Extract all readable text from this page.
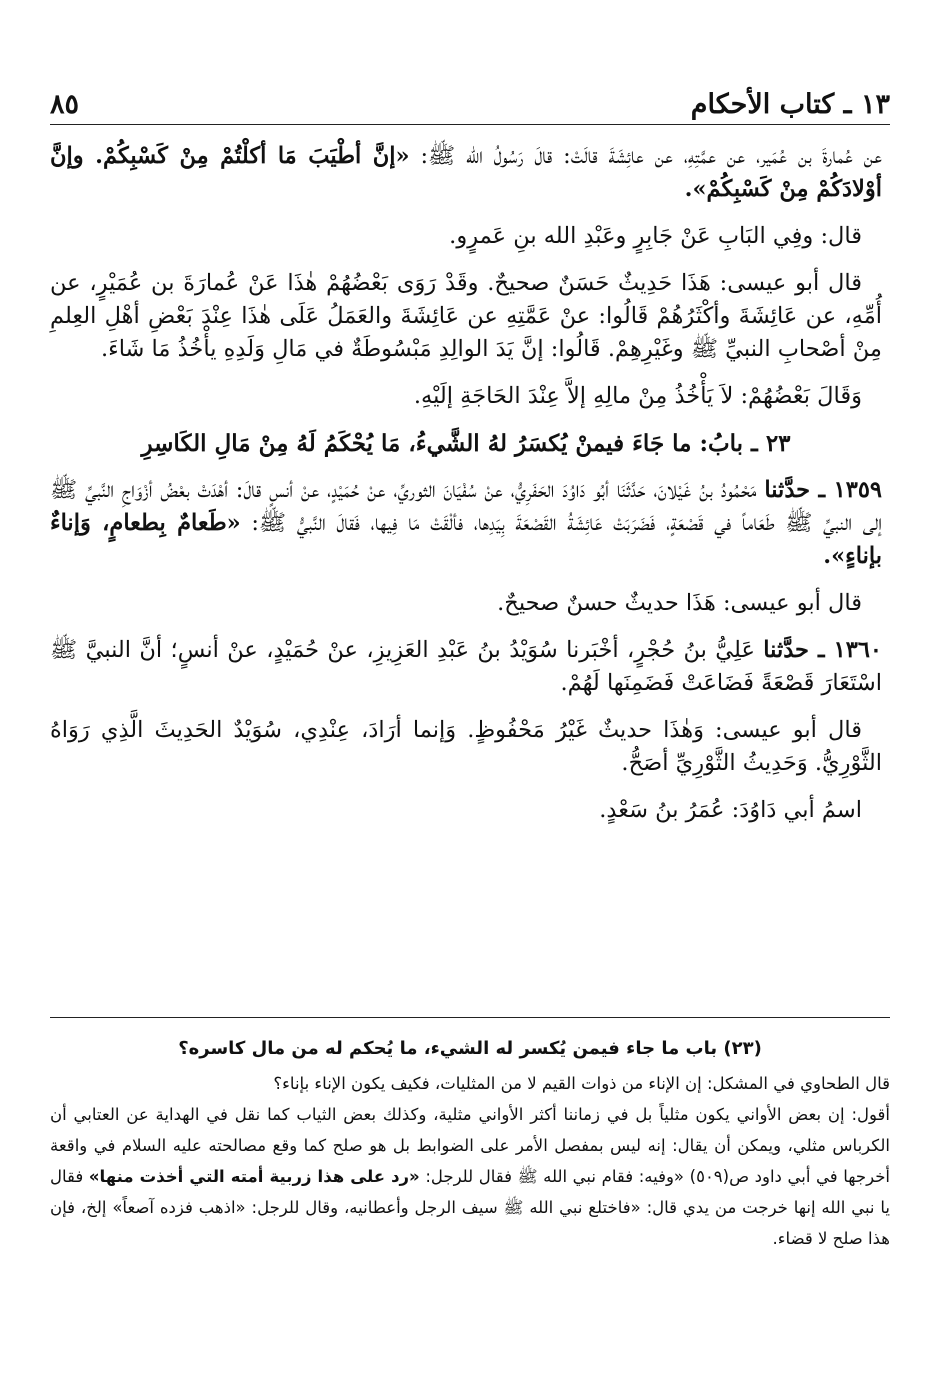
١٣ ـ كتاب الأحكام
٨٥

عن عُمارةَ بن عُمَير، عن عمَّتِهِ، عن عائِشَةَ قالَتْ: قالَ رَسُولُ الله ﷺ: «إنَّ أطْيَبَ مَا أكلْتُمْ مِنْ كَسْبِكُمْ. وإنَّ أوْلادَكُمْ مِنْ كَسْبِكُمْ».

قال: وفِي البَابِ عَنْ جَابِرٍ وعَبْدِ الله بنِ عَمرٍو.

قال أبو عيسى: هَذَا حَدِيثٌ حَسَنٌ صحيحٌ. وقَدْ رَوَى بَعْضُهُمْ هٰذَا عَنْ عُمارَةَ بن عُمَيْرٍ، عن أُمِّهِ، عن عَائِشَةَ وأكْثَرُهُمْ قَالُوا: عنْ عَمَّتِهِ عن عَائِشَةَ والعَمَلُ عَلَى هٰذَا عِنْدَ بَعْضِ أهْلِ العِلمِ مِنْ أصْحابِ النبيِّ ﷺ وغَيْرِهِمْ. قَالُوا: إنَّ يَدَ الوالِدِ مَبْسُوطَةٌ في مَالِ وَلَدِهِ يأْخُذُ مَا شَاءَ.

وَقَالَ بَعْضُهُمْ: لاَ يَأْخُذُ مِنْ مالِهِ إلاَّ عِنْدَ الحَاجَةِ إلَيْهِ.

٢٣ ـ بابُ: ما جَاءَ فيمنْ يُكسَرُ لهُ الشَّيءُ، مَا يُحْكَمُ لَهُ مِنْ مَالِ الكَاسِرِ

١٣٥٩ ـ حدَّثنا مَحْمُودُ بنُ غَيْلانَ، حَدَّثَنَا أبُو دَاوُدَ الحَفَرِيُّ، عنْ سُفْيَانَ الثوريِّ، عنْ حُمَيْدٍ، عنْ أنسٍ قالَ: أهْدَتْ بعْضُ أزْوَاجِ النَّبيِّ ﷺ إلى النبيِّ ﷺ طَعَاماً في قَصْعَةٍ، فَضَرَبَتْ عَائِشَةُ القَصْعَةَ بِيَدِها، فألْقَتْ مَا فِيها، فَقالَ النَّبيُّ ﷺ: «طَعامٌ بِطعامٍ، وَإناءٌ بإناءٍ».

قال أبو عيسى: هَذَا حديثٌ حسنٌ صحيحٌ.

١٣٦٠ ـ حدَّثنا عَلِيُّ بنُ حُجْرٍ، أخْبَرنا سُوَيْدُ بنُ عَبْدِ العَزِيزِ، عنْ حُمَيْدٍ، عنْ أنسٍ؛ أنَّ النبيَّ ﷺ اسْتَعَارَ قَصْعَةً فَضَاعَتْ فَضَمِنَها لَهُمْ.

قال أبو عيسى: وَهٰذَا حديثٌ غَيْرُ مَحْفُوظٍ. وَإنما أرَادَ، عِنْدِي، سُوَيْدٌ الحَدِيثَ الَّذِي رَوَاهُ الثَّوْرِيُّ. وَحَدِيثُ الثَّوْرِيِّ أصَحُّ.

اسمُ أبي دَاوُدَ: عُمَرُ بنُ سَعْدٍ.

(٢٣) باب ما جاء فيمن يُكسر له الشيء، ما يُحكم له من مال كاسره؟

قال الطحاوي في المشكل: إن الإناء من ذوات القيم لا من المثليات، فكيف يكون الإناء بإناء؟

أقول: إن بعض الأواني يكون مثلياً بل في زماننا أكثر الأواني مثلية، وكذلك بعض الثياب كما نقل في الهداية عن العتابي أن الكرباس مثلي، ويمكن أن يقال: إنه ليس بمفصل الأمر على الضوابط بل هو صلح كما وقع مصالحته عليه السلام في واقعة أخرجها في أبي داود ص(٥٠٩) «وفيه: فقام نبي الله ﷺ فقال للرجل: «رد على هذا زربية أمته التي أخذت منها» فقال يا نبي الله إنها خرجت من يدي قال: «فاختلع نبي الله ﷺ سيف الرجل وأعطانيه، وقال للرجل: «اذهب فزده آصعاً» إلخ، فإن هذا صلح لا قضاء.
